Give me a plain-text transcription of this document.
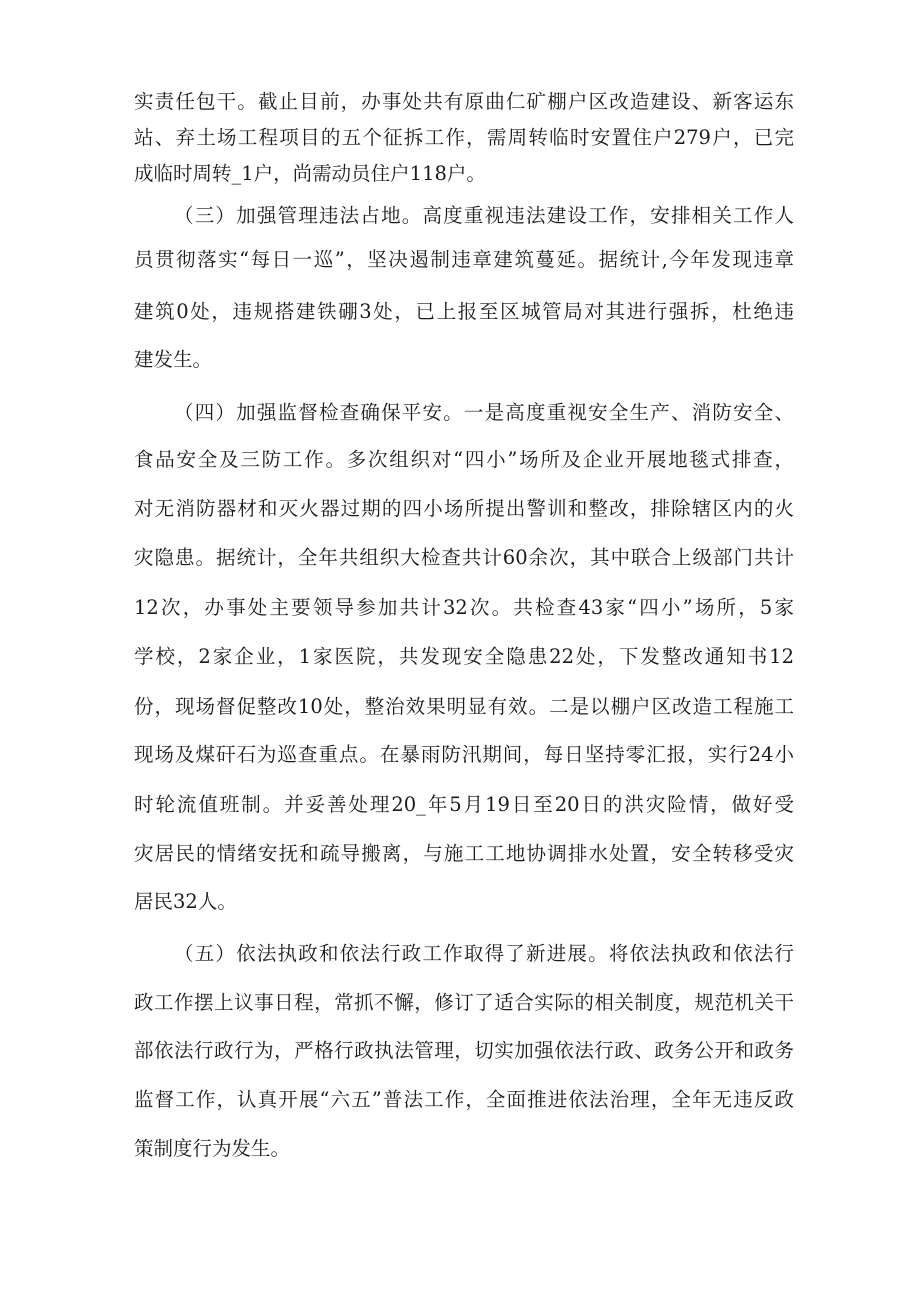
实责任包干。截止目前，办事处共有原曲仁矿棚户区改造建设、新客运东
站、弃土场工程项目的五个征拆工作，需周转临时安置住户279户，已完
成临时周转_1户，尚需动员住户118户。
（三）加强管理违法占地。高度重视违法建设工作，安排相关工作人
员贯彻落实“每日一巡”，坚决遏制违章建筑蔓延。据统计,今年发现违章
建筑0处，违规搭建铁硼3处，已上报至区城管局对其进行强拆，杜绝违
建发生。
（四）加强监督检查确保平安。一是高度重视安全生产、消防安全、
食品安全及三防工作。多次组织对“四小”场所及企业开展地毯式排查，
对无消防器材和灭火器过期的四小场所提出警训和整改，排除辖区内的火
灾隐患。据统计，全年共组织大检查共计60余次，其中联合上级部门共计
12次，办事处主要领导参加共计32次。共检查43家“四小”场所，5家
学校，2家企业，1家医院，共发现安全隐患22处，下发整改通知书12
份，现场督促整改10处，整治效果明显有效。二是以棚户区改造工程施工
现场及煤矸石为巡查重点。在暴雨防汛期间，每日坚持零汇报，实行24小
时轮流值班制。并妥善处理20_年5月19日至20日的洪灾险情，做好受
灾居民的情绪安抚和疏导搬离，与施工工地协调排水处置，安全转移受灾
居民32人。
（五）依法执政和依法行政工作取得了新进展。将依法执政和依法行
政工作摆上议事日程，常抓不懈，修订了适合实际的相关制度，规范机关干
部依法行政行为，严格行政执法管理，切实加强依法行政、政务公开和政务
监督工作，认真开展“六五”普法工作，全面推进依法治理，全年无违反政
策制度行为发生。
